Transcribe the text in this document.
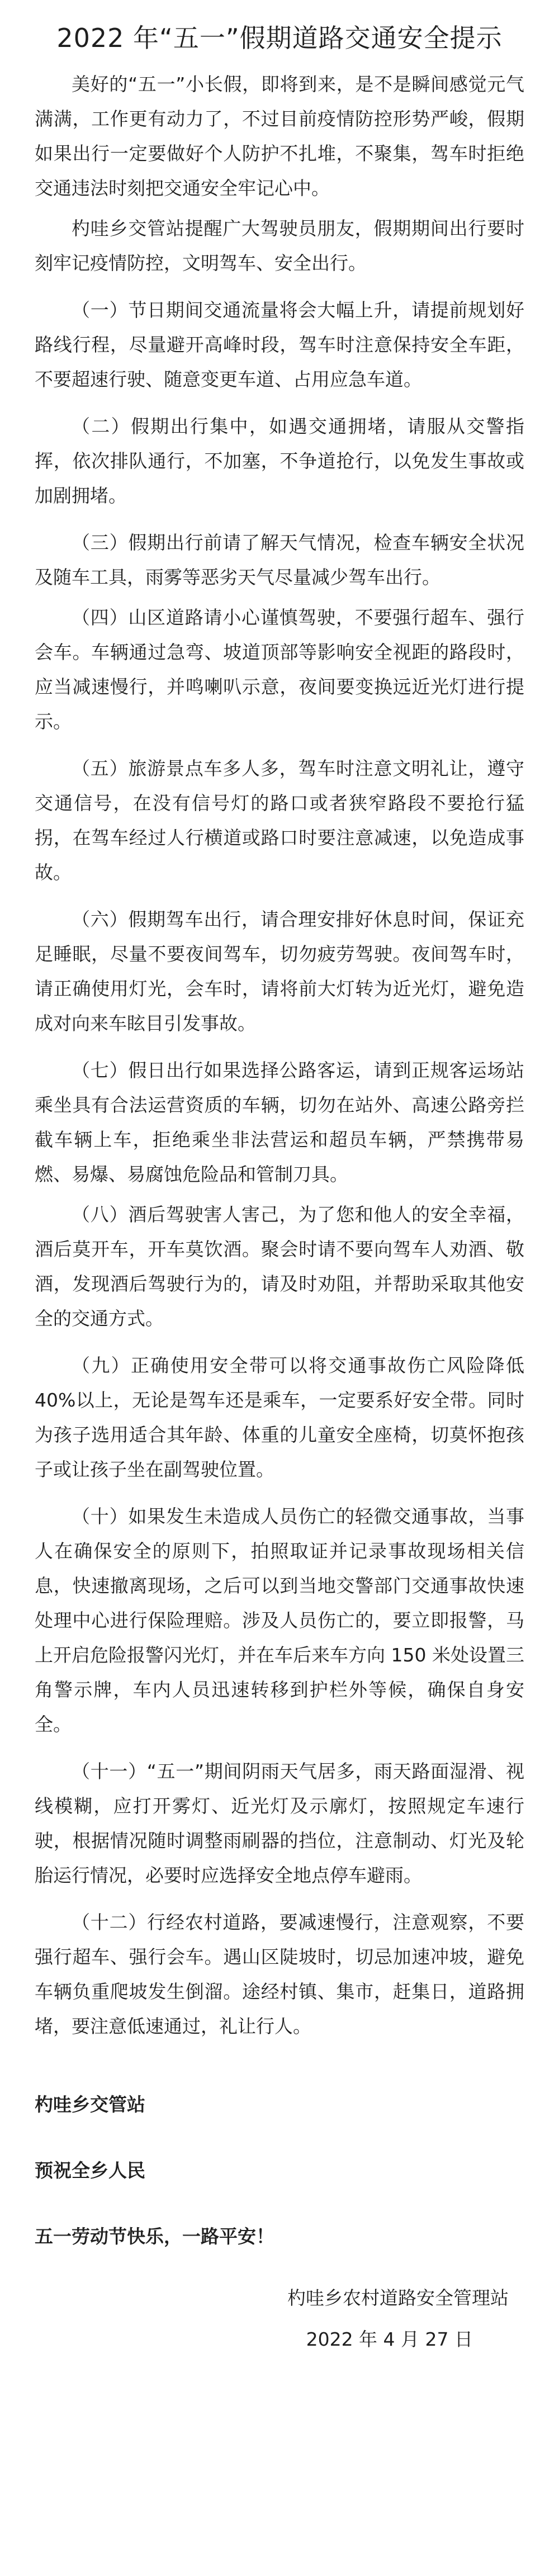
2022 年“五一”假期道路交通安全提示

美好的“五一”小长假，即将到来，是不是瞬间感觉元气满满，工作更有动力了，不过目前疫情防控形势严峻，假期如果出行一定要做好个人防护不扎堆，不聚集，驾车时拒绝交通违法时刻把交通安全牢记心中。

杓哇乡交管站提醒广大驾驶员朋友，假期期间出行要时刻牢记疫情防控，文明驾车、安全出行。

（一）节日期间交通流量将会大幅上升，请提前规划好路线行程，尽量避开高峰时段，驾车时注意保持安全车距，不要超速行驶、随意变更车道、占用应急车道。

（二）假期出行集中，如遇交通拥堵，请服从交警指挥，依次排队通行，不加塞，不争道抢行，以免发生事故或加剧拥堵。

（三）假期出行前请了解天气情况，检查车辆安全状况及随车工具，雨雾等恶劣天气尽量减少驾车出行。

（四）山区道路请小心谨慎驾驶，不要强行超车、强行会车。车辆通过急弯、坡道顶部等影响安全视距的路段时，应当减速慢行，并鸣喇叭示意，夜间要变换远近光灯进行提示。

（五）旅游景点车多人多，驾车时注意文明礼让，遵守交通信号，在没有信号灯的路口或者狭窄路段不要抢行猛拐，在驾车经过人行横道或路口时要注意减速，以免造成事故。

（六）假期驾车出行，请合理安排好休息时间，保证充足睡眠，尽量不要夜间驾车，切勿疲劳驾驶。夜间驾车时，请正确使用灯光，会车时，请将前大灯转为近光灯，避免造成对向来车眩目引发事故。

（七）假日出行如果选择公路客运，请到正规客运场站乘坐具有合法运营资质的车辆，切勿在站外、高速公路旁拦截车辆上车，拒绝乘坐非法营运和超员车辆，严禁携带易燃、易爆、易腐蚀危险品和管制刀具。

（八）酒后驾驶害人害己，为了您和他人的安全幸福，酒后莫开车，开车莫饮酒。聚会时请不要向驾车人劝酒、敬酒，发现酒后驾驶行为的，请及时劝阻，并帮助采取其他安全的交通方式。

（九）正确使用安全带可以将交通事故伤亡风险降低40%以上，无论是驾车还是乘车，一定要系好安全带。同时为孩子选用适合其年龄、体重的儿童安全座椅，切莫怀抱孩子或让孩子坐在副驾驶位置。

（十）如果发生未造成人员伤亡的轻微交通事故，当事人在确保安全的原则下，拍照取证并记录事故现场相关信息，快速撤离现场，之后可以到当地交警部门交通事故快速处理中心进行保险理赔。涉及人员伤亡的，要立即报警，马上开启危险报警闪光灯，并在车后来车方向 150 米处设置三角警示牌，车内人员迅速转移到护栏外等候，确保自身安全。

（十一）“五一”期间阴雨天气居多，雨天路面湿滑、视线模糊，应打开雾灯、近光灯及示廓灯，按照规定车速行驶，根据情况随时调整雨刷器的挡位，注意制动、灯光及轮胎运行情况，必要时应选择安全地点停车避雨。

（十二）行经农村道路，要减速慢行，注意观察，不要强行超车、强行会车。遇山区陡坡时，切忌加速冲坡，避免车辆负重爬坡发生倒溜。途经村镇、集市，赶集日，道路拥堵，要注意低速通过，礼让行人。

杓哇乡交管站

预祝全乡人民

五一劳动节快乐，一路平安！

杓哇乡农村道路安全管理站

2022 年 4 月 27 日
